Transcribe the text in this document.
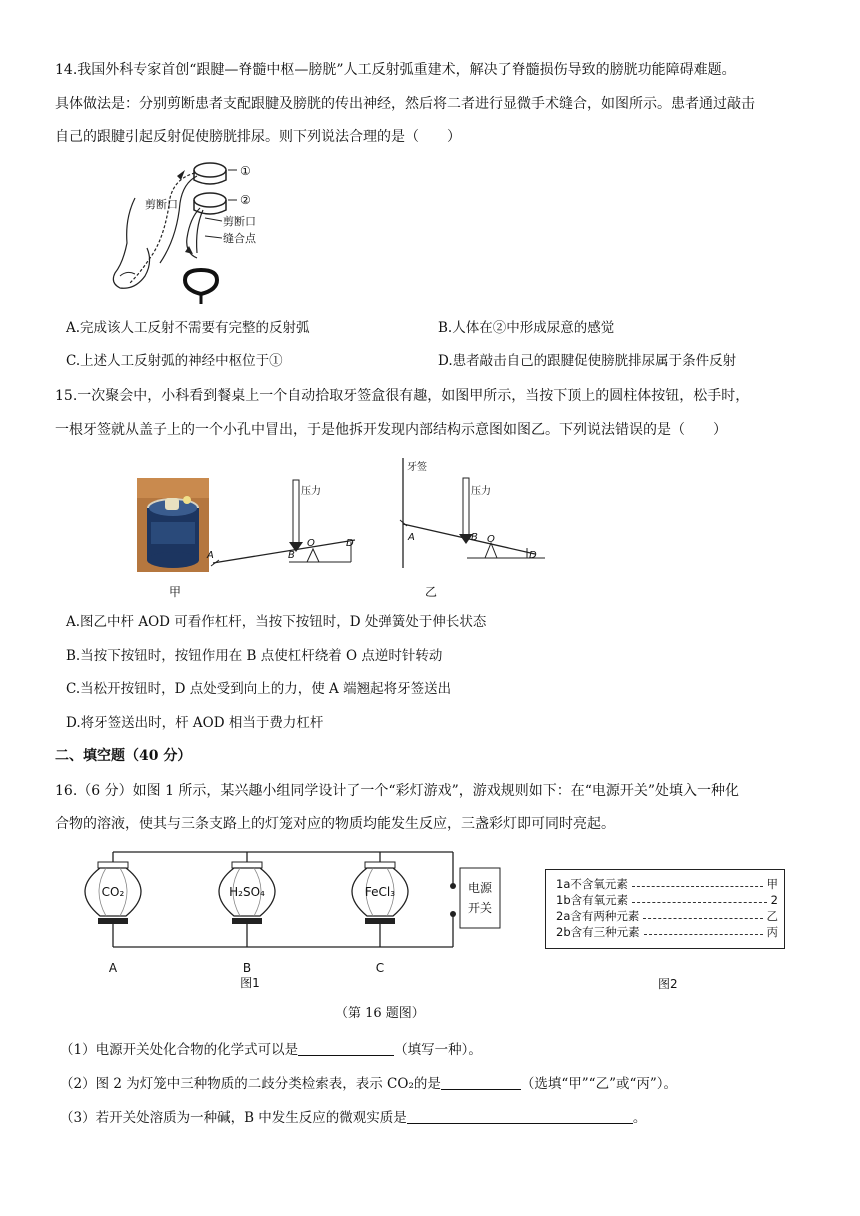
14.我国外科专家首创“跟腱—脊髓中枢—膀胱”人工反射弧重建术，解决了脊髓损伤导致的膀胱功能障碍难题。
具体做法是：分别剪断患者支配跟腱及膀胱的传出神经，然后将二者进行显微手术缝合，如图所示。患者通过敲击
自己的跟腱引起反射促使膀胱排尿。则下列说法合理的是（　　）
①
②
剪断口
剪断口
缝合点
A.完成该人工反射不需要有完整的反射弧	B.人体在②中形成尿意的感觉
C.上述人工反射弧的神经中枢位于①	D.患者敲击自己的跟腱促使膀胱排尿属于条件反射
15.一次聚会中，小科看到餐桌上一个自动拾取牙签盒很有趣，如图甲所示，当按下顶上的圆柱体按钮，松手时，
一根牙签就从盖子上的一个小孔中冒出，于是他拆开发现内部结构示意图如图乙。下列说法错误的是（　　）
甲
压力
A	B
O	D
牙签
压力
A	B O
D
乙
A.图乙中杆 AOD 可看作杠杆，当按下按钮时，D 处弹簧处于伸长状态
B.当按下按钮时，按钮作用在 B 点使杠杆绕着 O 点逆时针转动
C.当松开按钮时，D 点处受到向上的力，使 A 端翘起将牙签送出
D.将牙签送出时，杆 AOD 相当于费力杠杆
二、填空题（40 分）
16.（6 分）如图 1 所示，某兴趣小组同学设计了一个“彩灯游戏”，游戏规则如下：在“电源开关”处填入一种化
合物的溶液，使其与三条支路上的灯笼对应的物质均能发生反应，三盏彩灯即可同时亮起。
电源
开关
CO₂
A
H₂SO₄
B
FeCl₃
C
图1
1a不含氧元素	甲
1b含有氧元素	2
2a含有两种元素	乙
2b含有三种元素	丙
图2
（第 16 题图）
（1）电源开关处化合物的化学式可以是	（填写一种）。
（2）图 2 为灯笼中三种物质的二歧分类检索表，表示 CO₂的是	（选填“甲”“乙”或“丙”）。
（3）若开关处溶质为一种碱，B 中发生反应的微观实质是	。
